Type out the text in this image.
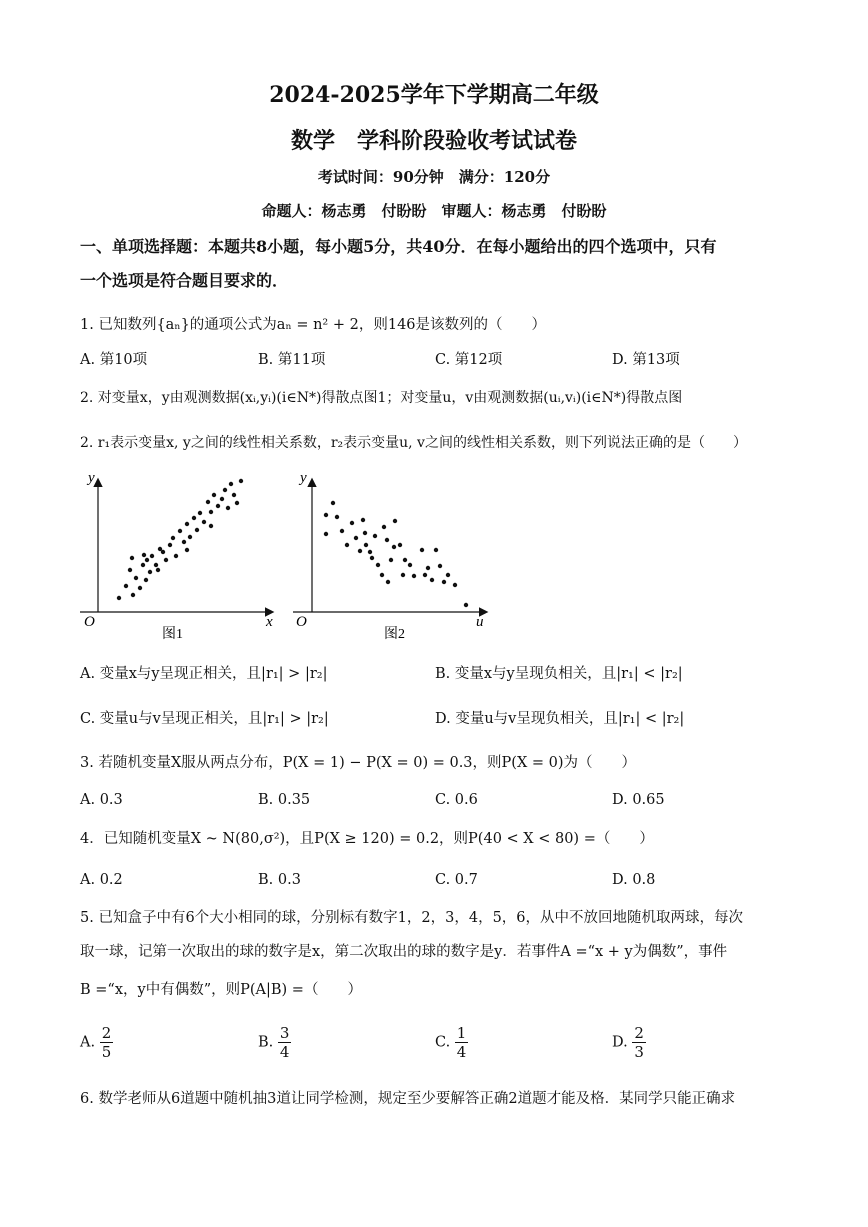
2024-2025学年下学期高二年级
数学　学科阶段验收考试试卷
考试时间：90分钟　满分：120分
命题人：杨志勇　付盼盼　审题人：杨志勇　付盼盼
一、单项选择题：本题共8小题，每小题5分，共40分．在每小题给出的四个选项中，只有
一个选项是符合题目要求的．
1. 已知数列{aₙ}的通项公式为aₙ = n² + 2，则146是该数列的（　　）
A. 第10项	B. 第11项	C. 第12项	D. 第13项
2. 对变量x，y由观测数据(xᵢ,yᵢ)(i∈N*)得散点图1；对变量u，v由观测数据(uᵢ,vᵢ)(i∈N*)得散点图
2. r₁表示变量x, y之间的线性相关系数，r₂表示变量u, v之间的线性相关系数，则下列说法正确的是（　　）
y
x
O
图1
y
u
O
图2
A. 变量x与y呈现正相关，且|r₁| > |r₂|	B. 变量x与y呈现负相关，且|r₁| < |r₂|
C. 变量u与v呈现正相关，且|r₁| > |r₂|	D. 变量u与v呈现负相关，且|r₁| < |r₂|
3. 若随机变量X服从两点分布，P(X = 1) − P(X = 0) = 0.3，则P(X = 0)为（　　）
A. 0.3	B. 0.35	C. 0.6	D. 0.65
4．已知随机变量X ~ N(80,σ²)，且P(X ≥ 120) = 0.2，则P(40 < X < 80) =（　　）
A. 0.2	B. 0.3	C. 0.7	D. 0.8
5. 已知盒子中有6个大小相同的球，分别标有数字1，2，3，4，5，6，从中不放回地随机取两球，每次
取一球，记第一次取出的球的数字是x，第二次取出的球的数字是y．若事件A =“x + y为偶数”，事件
B =“x，y中有偶数”，则P(A|B) =（　　）
A. $\frac{2}{5}$	B. $\frac{3}{4}$	C. $\frac{1}{4}$	D. $\frac{2}{3}$
6. 数学老师从6道题中随机抽3道让同学检测，规定至少要解答正确2道题才能及格．某同学只能正确求
